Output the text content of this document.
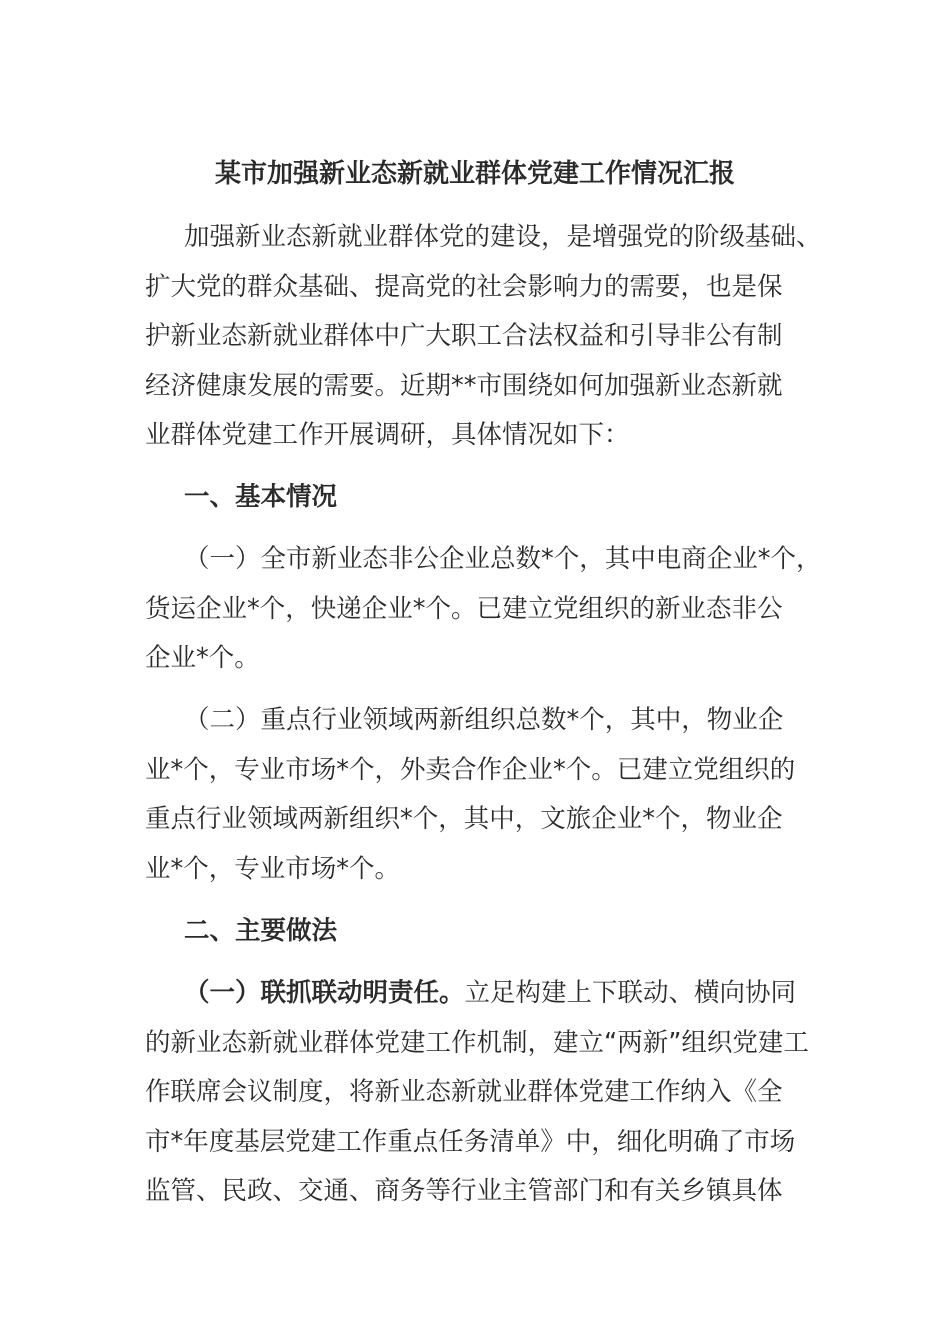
某市加强新业态新就业群体党建工作情况汇报
加强新业态新就业群体党的建设，是增强党的阶级基础、
扩大党的群众基础、提高党的社会影响力的需要，也是保
护新业态新就业群体中广大职工合法权益和引导非公有制
经济健康发展的需要。近期**市围绕如何加强新业态新就
业群体党建工作开展调研，具体情况如下：
一、基本情况
（一）全市新业态非公企业总数*个，其中电商企业*个，
货运企业*个，快递企业*个。已建立党组织的新业态非公
企业*个。
（二）重点行业领域两新组织总数*个，其中，物业企
业*个，专业市场*个，外卖合作企业*个。已建立党组织的
重点行业领域两新组织*个，其中，文旅企业*个，物业企
业*个，专业市场*个。
二、主要做法
（一）联抓联动明责任。立足构建上下联动、横向协同
的新业态新就业群体党建工作机制，建立“两新”组织党建工
作联席会议制度，将新业态新就业群体党建工作纳入《全
市*年度基层党建工作重点任务清单》中，细化明确了市场
监管、民政、交通、商务等行业主管部门和有关乡镇具体
